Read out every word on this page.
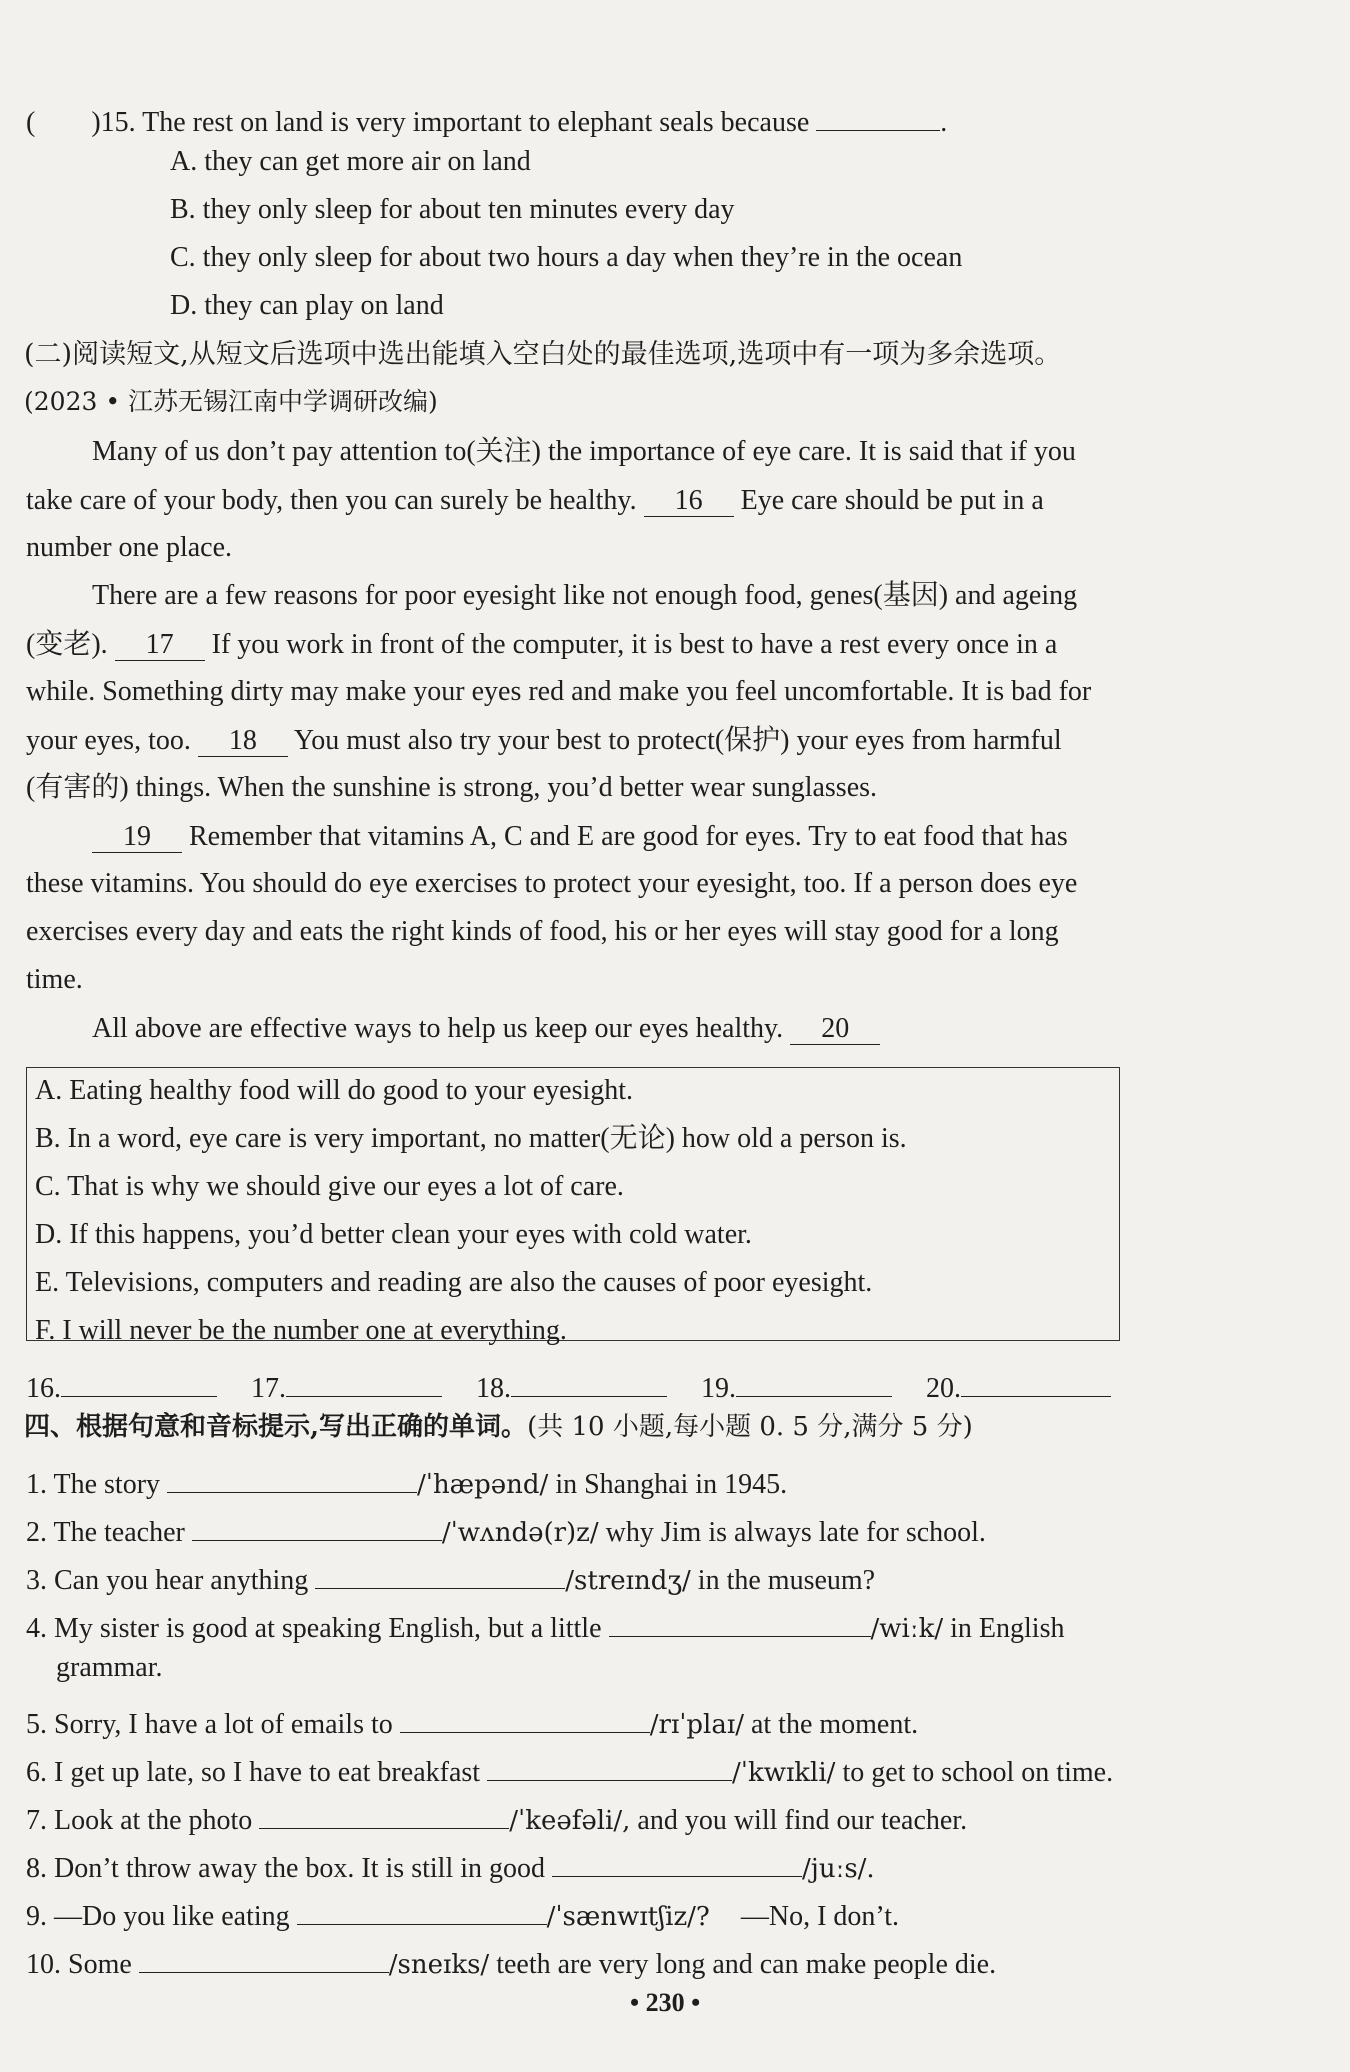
(　　)15. The rest on land is very important to elephant seals because	.
A. they can get more air on land
B. they only sleep for about ten minutes every day
C. they only sleep for about two hours a day when they’re in the ocean
D. they can play on land
(二)阅读短文,从短文后选项中选出能填入空白处的最佳选项,选项中有一项为多余选项。
(2023 • 江苏无锡江南中学调研改编)
Many of us don’t pay attention to(关注) the importance of eye care. It is said that if you
take care of your body, then you can surely be healthy. 16 Eye care should be put in a
number one place.
There are a few reasons for poor eyesight like not enough food, genes(基因) and ageing
(变老). 17 If you work in front of the computer, it is best to have a rest every once in a
while. Something dirty may make your eyes red and make you feel uncomfortable. It is bad for
your eyes, too. 18 You must also try your best to protect(保护) your eyes from harmful
(有害的) things. When the sunshine is strong, you’d better wear sunglasses.
19 Remember that vitamins A, C and E are good for eyes. Try to eat food that has
these vitamins. You should do eye exercises to protect your eyesight, too. If a person does eye
exercises every day and eats the right kinds of food, his or her eyes will stay good for a long
time.
All above are effective ways to help us keep our eyes healthy. 20
A. Eating healthy food will do good to your eyesight.
B. In a word, eye care is very important, no matter(无论) how old a person is.
C. That is why we should give our eyes a lot of care.
D. If this happens, you’d better clean your eyes with cold water.
E. Televisions, computers and reading are also the causes of poor eyesight.
F. I will never be the number one at everything.
16.	17.	18.	19.	20.
四、根据句意和音标提示,写出正确的单词。(共 10 小题,每小题 0. 5 分,满分 5 分)
1. The story	/ˈhæpənd/ in Shanghai in 1945.
2. The teacher	/ˈwʌndə(r)z/ why Jim is always late for school.
3. Can you hear anything	/streɪndʒ/ in the museum?
4. My sister is good at speaking English, but a little	/wiːk/ in English
grammar.
5. Sorry, I have a lot of emails to	/rɪˈplaɪ/ at the moment.
6. I get up late, so I have to eat breakfast	/ˈkwɪkli/ to get to school on time.
7. Look at the photo	/ˈkeəfəli/, and you will find our teacher.
8. Don’t throw away the box. It is still in good	/juːs/.
9. —Do you like eating	/ˈsænwɪtʃiz/? —No, I don’t.
10. Some	/sneɪks/ teeth are very long and can make people die.
• 230 •
